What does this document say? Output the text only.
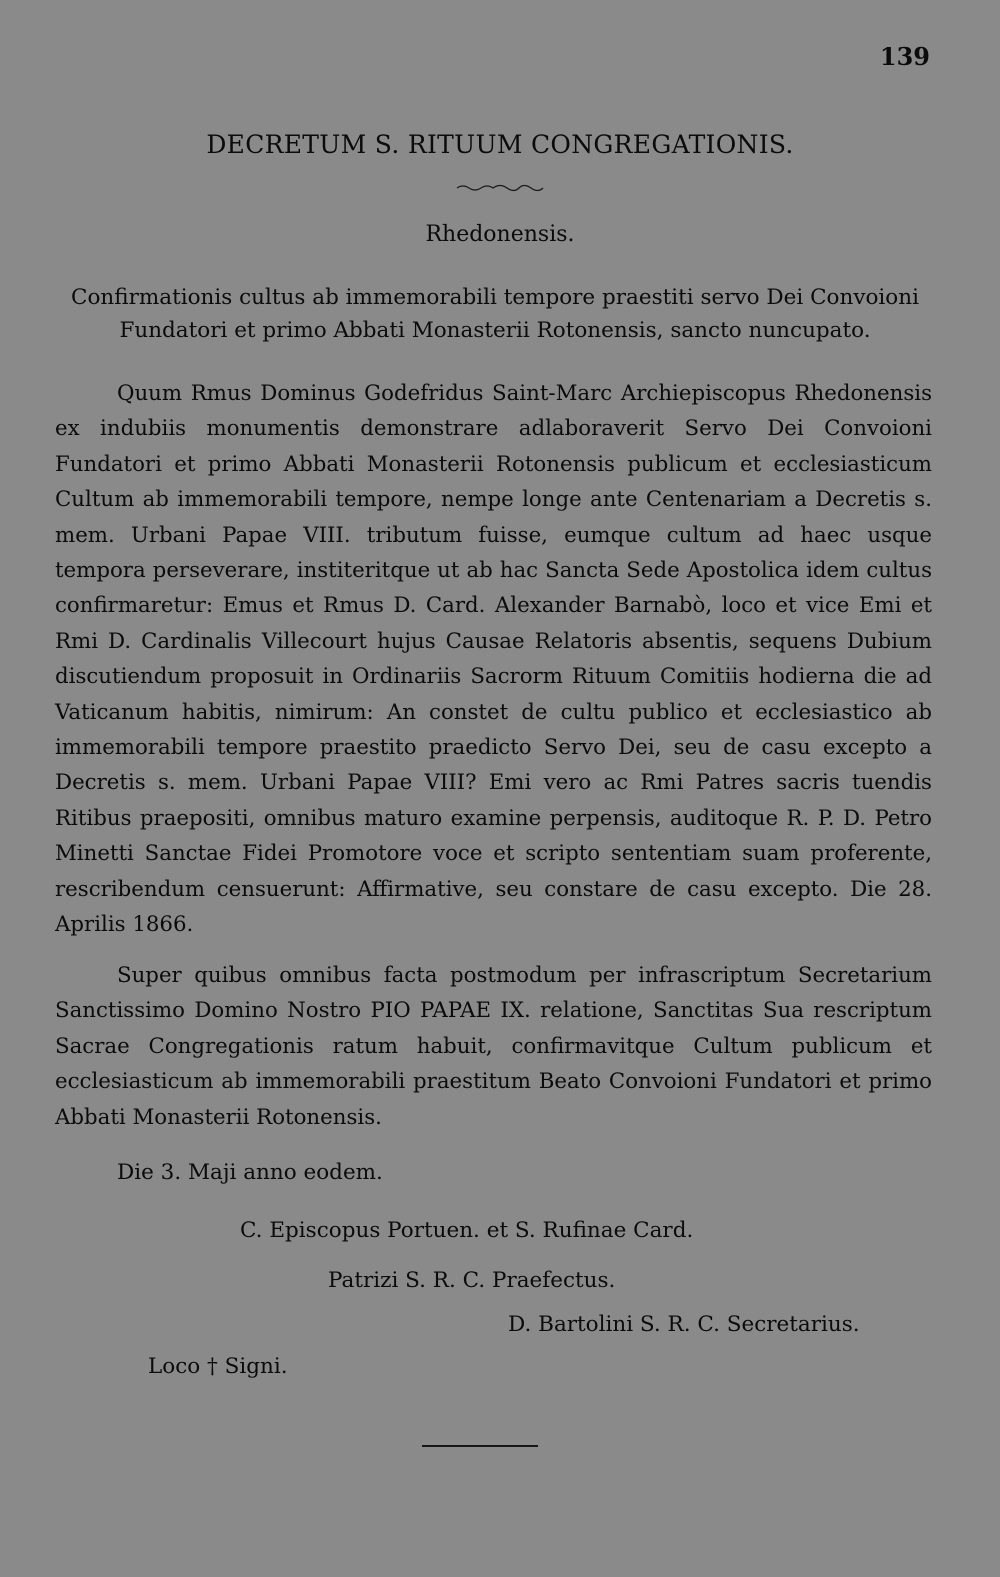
139
DECRETUM S. RITUUM CONGREGATIONIS.
Rhedonensis.
Confirmationis cultus ab immemorabili tempore praestiti servo Dei Convoioni Fundatori et primo Abbati Monasterii Rotonensis, sancto nuncupato.

Quum Rmus Dominus Godefridus Saint-Marc Archiepiscopus Rhedonensis ex indubiis monumentis demonstrare adlaboraverit Servo Dei Convoioni Fundatori et primo Abbati Monasterii Rotonensis publicum et ecclesiasticum Cultum ab immemorabili tempore, nempe longe ante Centenariam a Decretis s. mem. Urbani Papae VIII. tributum fuisse, eumque cultum ad haec usque tempora perseverare, institeritque ut ab hac Sancta Sede Apostolica idem cultus confirmaretur: Emus et Rmus D. Card. Alexander Barnabò, loco et vice Emi et Rmi D. Cardinalis Villecourt hujus Causae Relatoris absentis, sequens Dubium discutiendum proposuit in Ordinariis Sacrorm Rituum Comitiis hodierna die ad Vaticanum habitis, nimirum: An constet de cultu publico et ecclesiastico ab immemorabili tempore praestito praedicto Servo Dei, seu de casu excepto a Decretis s. mem. Urbani Papae VIII? Emi vero ac Rmi Patres sacris tuendis Ritibus praepositi, omnibus maturo examine perpensis, auditoque R. P. D. Petro Minetti Sanctae Fidei Promotore voce et scripto sententiam suam proferente, rescribendum censuerunt: Affirmative, seu constare de casu excepto. Die 28. Aprilis 1866.

Super quibus omnibus facta postmodum per infrascriptum Secretarium Sanctissimo Domino Nostro PIO PAPAE IX. relatione, Sanctitas Sua rescriptum Sacrae Congregationis ratum habuit, confirmavitque Cultum publicum et ecclesiasticum ab immemorabili praestitum Beato Convoioni Fundatori et primo Abbati Monasterii Rotonensis.

Die 3. Maji anno eodem.
C. Episcopus Portuen. et S. Rufinae Card.
Patrizi S. R. C. Praefectus.
D. Bartolini S. R. C. Secretarius.
Loco † Signi.
